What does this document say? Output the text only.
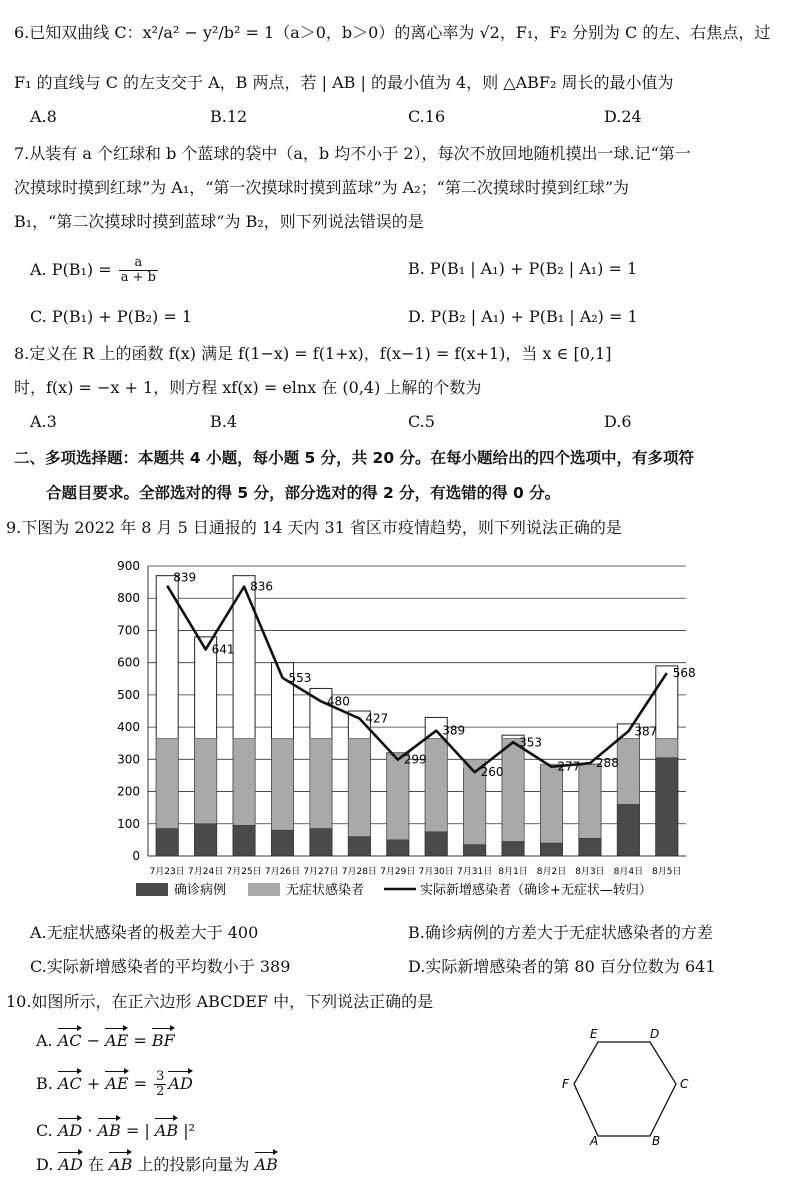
6.已知双曲线 C：x²/a² − y²/b² = 1（a＞0，b＞0）的离心率为 √2，F₁，F₂ 分别为 C 的左、右焦点，过
F₁ 的直线与 C 的左支交于 A，B 两点，若 | AB | 的最小值为 4，则 △ABF₂ 周长的最小值为
A.8	B.12	C.16	D.24
7.从装有 a 个红球和 b 个蓝球的袋中（a，b 均不小于 2），每次不放回地随机摸出一球.记“第一
次摸球时摸到红球”为 A₁，“第一次摸球时摸到蓝球”为 A₂；“第二次摸球时摸到红球”为
B₁，“第二次摸球时摸到蓝球”为 B₂，则下列说法错误的是
A. $P(B_1) = \frac{a}{a + b}$	B. P(B₁ | A₁) + P(B₂ | A₁) = 1
C. P(B₁) + P(B₂) = 1	D. P(B₂ | A₁) + P(B₁ | A₂) = 1
8.定义在 R 上的函数 f(x) 满足 f(1−x) = f(1+x)，f(x−1) = f(x+1)，当 x ∈ [0,1]
时，f(x) = −x + 1，则方程 xf(x) = elnx 在 (0,4) 上解的个数为
A.3	B.4	C.5	D.6
二、多项选择题：本题共 4 小题，每小题 5 分，共 20 分。在每小题给出的四个选项中，有多项符
合题目要求。全部选对的得 5 分，部分选对的得 2 分，有选错的得 0 分。
9.下图为 2022 年 8 月 5 日通报的 14 天内 31 省区市疫情趋势，则下列说法正确的是
900
800
700
600
500
400
300
200
100
0
839
641
836
553
480
427
299
389
260
353
277 288
387
568
7月23日 7月24日 7月25日 7月26日 7月27日 7月28日 7月29日 7月30日 7月31日 8月1日 8月2日 8月3日 8月4日 8月5日
确诊病例	无症状感染者	实际新增感染者（确诊+无症状—转归）
A.无症状感染者的极差大于 400	B.确诊病例的方差大于无症状感染者的方差
C.实际新增感染者的平均数小于 389	D.实际新增感染者的第 80 百分位数为 641
10.如图所示，在正六边形 ABCDEF 中，下列说法正确的是
A. AC − AE = BF
B. AC + AE = $\frac{3}{2}$ AD
C. AD · AB = | AB |²
D. AD 在 AB 上的投影向量为 AB
A	B
C
D
E
F
